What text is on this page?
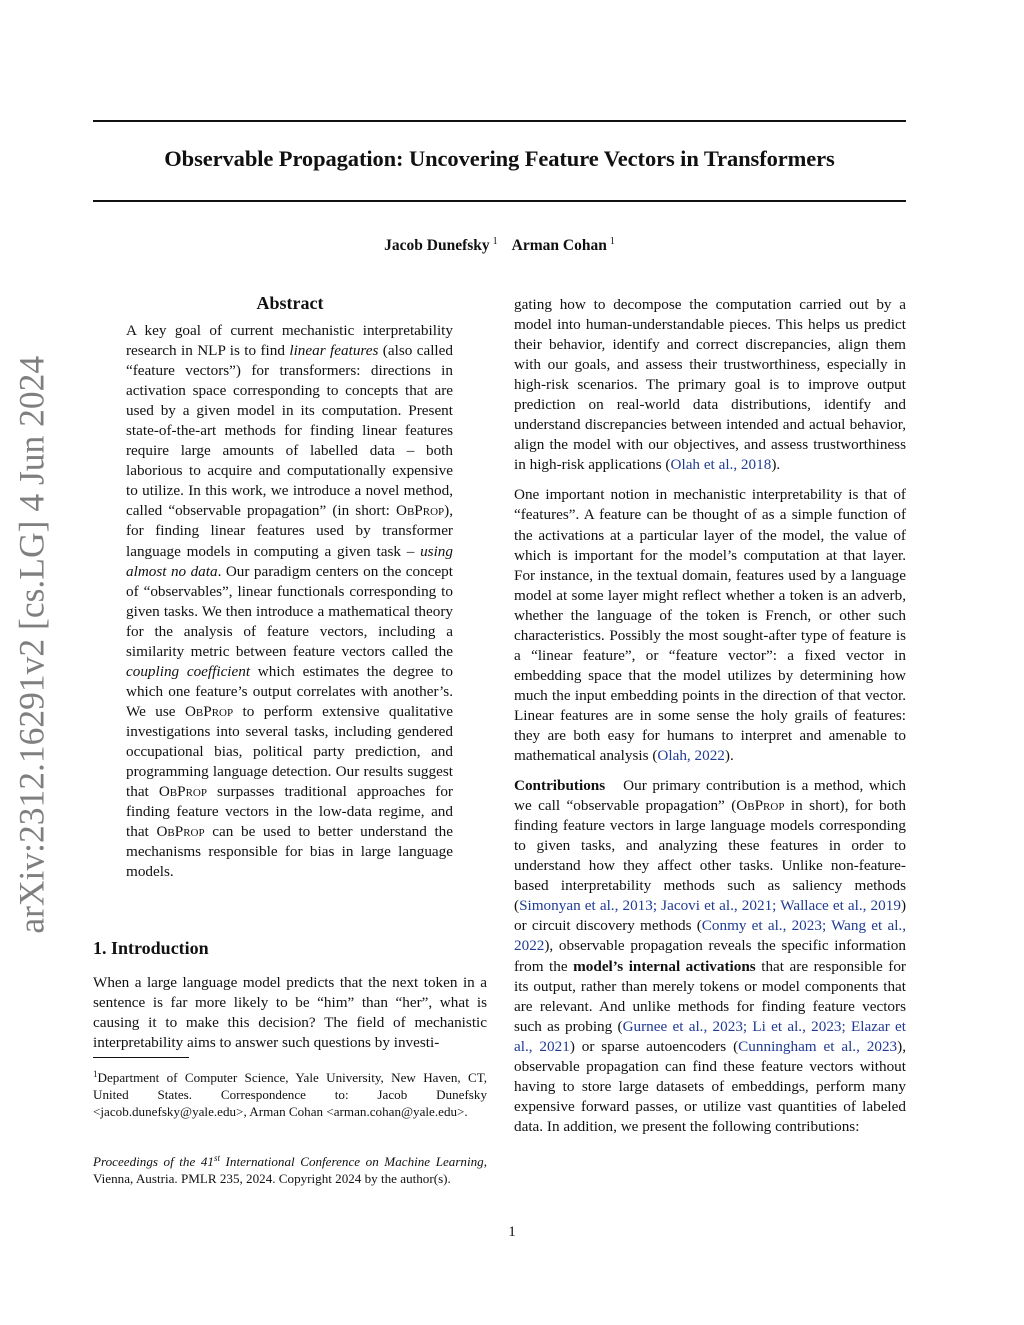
Observable Propagation: Uncovering Feature Vectors in Transformers
Jacob Dunefsky $^1$ Arman Cohan $^1$
arXiv:2312.16291v2 [cs.LG] 4 Jun 2024
Abstract

A key goal of current mechanistic interpretability research in NLP is to find linear features (also called “feature vectors”) for transformers: directions in activation space corresponding to concepts that are used by a given model in its computation. Present state-of-the-art methods for finding linear features require large amounts of labelled data – both laborious to acquire and computationally expensive to utilize. In this work, we introduce a novel method, called “observable propagation” (in short: ObProp), for finding linear features used by transformer language models in computing a given task – using almost no data. Our paradigm centers on the concept of “observables”, linear functionals corresponding to given tasks. We then introduce a mathematical theory for the analysis of feature vectors, including a similarity metric between feature vectors called the coupling coefficient which estimates the degree to which one feature’s output correlates with another’s. We use ObProp to perform extensive qualitative investigations into several tasks, including gendered occupational bias, political party prediction, and programming language detection. Our results suggest that ObProp surpasses traditional approaches for finding feature vectors in the low-data regime, and that ObProp can be used to better understand the mechanisms responsible for bias in large language models.

1. Introduction

When a large language model predicts that the next token in a sentence is far more likely to be “him” than “her”, what is causing it to make this decision? The field of mechanistic interpretability aims to answer such questions by investi-

$^1$Department of Computer Science, Yale University, New Haven, CT, United States. Correspondence to: Jacob Dunefsky <jacob.dunefsky@yale.edu>, Arman Cohan <arman.cohan@yale.edu>.
Proceedings of the 41st International Conference on Machine Learning, Vienna, Austria. PMLR 235, 2024. Copyright 2024 by the author(s).

gating how to decompose the computation carried out by a model into human-understandable pieces. This helps us predict their behavior, identify and correct discrepancies, align them with our goals, and assess their trustworthiness, especially in high-risk scenarios. The primary goal is to improve output prediction on real-world data distributions, identify and understand discrepancies between intended and actual behavior, align the model with our objectives, and assess trustworthiness in high-risk applications (Olah et al., 2018).

One important notion in mechanistic interpretability is that of “features”. A feature can be thought of as a simple function of the activations at a particular layer of the model, the value of which is important for the model’s computation at that layer. For instance, in the textual domain, features used by a language model at some layer might reflect whether a token is an adverb, whether the language of the token is French, or other such characteristics. Possibly the most sought-after type of feature is a “linear feature”, or “feature vector”: a fixed vector in embedding space that the model utilizes by determining how much the input embedding points in the direction of that vector. Linear features are in some sense the holy grails of features: they are both easy for humans to interpret and amenable to mathematical analysis (Olah, 2022).

Contributions Our primary contribution is a method, which we call “observable propagation” (ObProp in short), for both finding feature vectors in large language models corresponding to given tasks, and analyzing these features in order to understand how they affect other tasks. Unlike non-feature-based interpretability methods such as saliency methods (Simonyan et al., 2013; Jacovi et al., 2021; Wallace et al., 2019) or circuit discovery methods (Conmy et al., 2023; Wang et al., 2022), observable propagation reveals the specific information from the model’s internal activations that are responsible for its output, rather than merely tokens or model components that are relevant. And unlike methods for finding feature vectors such as probing (Gurnee et al., 2023; Li et al., 2023; Elazar et al., 2021) or sparse autoencoders (Cunningham et al., 2023), observable propagation can find these feature vectors without having to store large datasets of embeddings, perform many expensive forward passes, or utilize vast quantities of labeled data. In addition, we present the following contributions:

1
